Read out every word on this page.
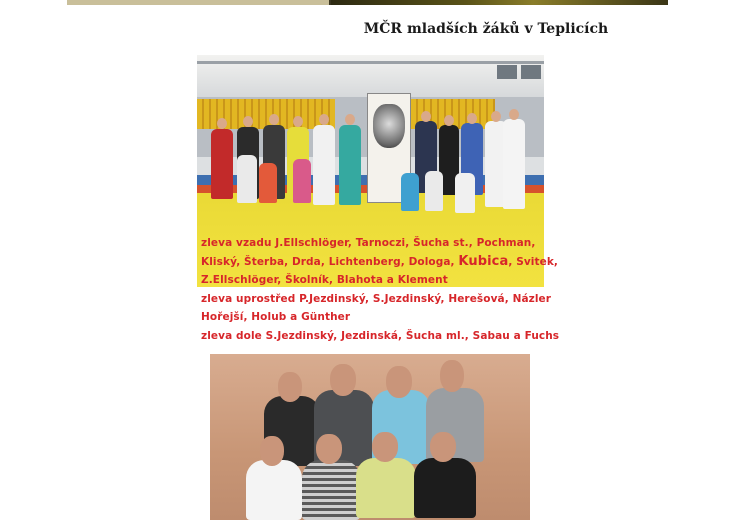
MČR mladších žáků v Teplicích
zleva vzadu J.Ellschlöger, Tarnoczi, Šucha st., Pochman,
Kliský, Šterba, Drda, Lichtenberg, Dologa, Kubica, Svitek,
Z.Ellschlöger, Školník, Blahota a Klement
zleva uprostřed P.Jezdinský, S.Jezdinský, Herešová, Názler
Hořejší, Holub a Günther
zleva dole S.Jezdinský, Jezdinská, Šucha ml., Sabau a Fuchs
